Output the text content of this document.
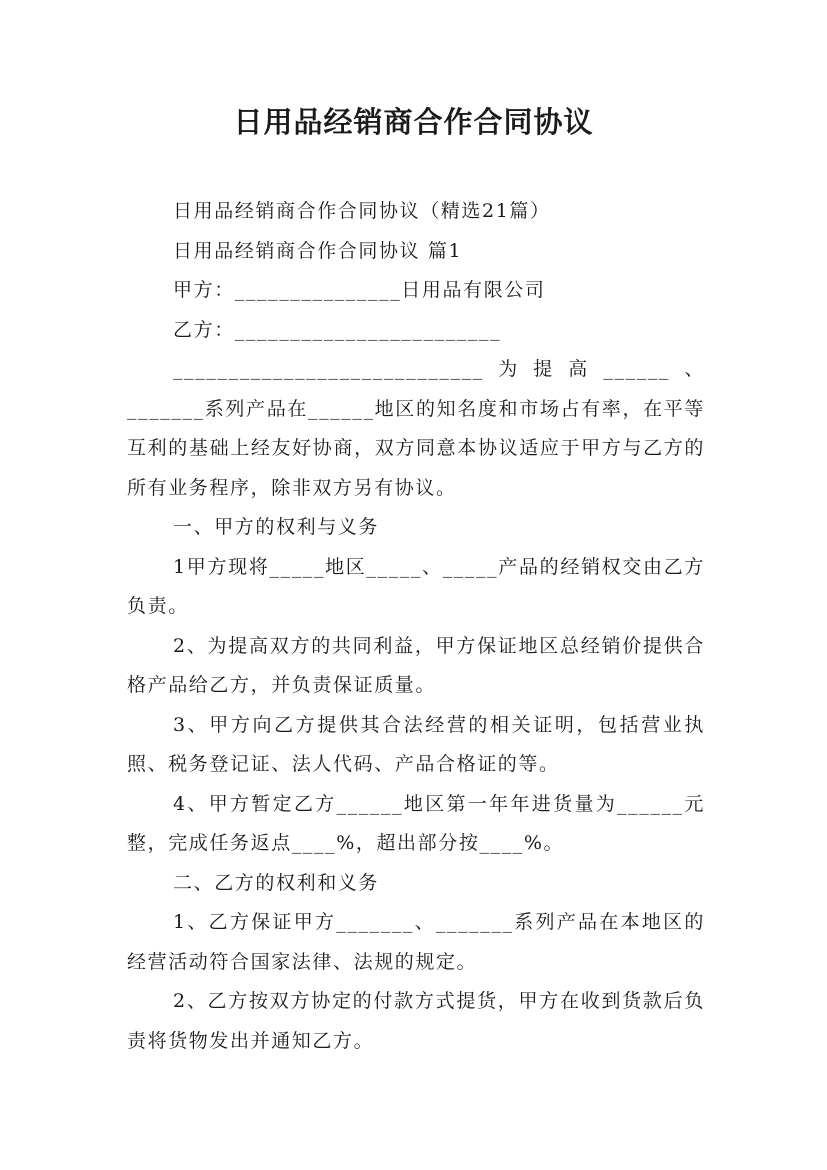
日用品经销商合作合同协议

日用品经销商合作合同协议（精选21篇）

日用品经销商合作合同协议 篇1

甲方：_______________日用品有限公司

乙方：________________________

____________________________为提高______、_______系列产品在______地区的知名度和市场占有率，在平等互利的基础上经友好协商，双方同意本协议适应于甲方与乙方的所有业务程序，除非双方另有协议。

一、甲方的权利与义务

1甲方现将_____地区_____、_____产品的经销权交由乙方负责。

2、为提高双方的共同利益，甲方保证地区总经销价提供合格产品给乙方，并负责保证质量。

3、甲方向乙方提供其合法经营的相关证明，包括营业执照、税务登记证、法人代码、产品合格证的等。

4、甲方暂定乙方______地区第一年年进货量为______元整，完成任务返点____%，超出部分按____%。

二、乙方的权利和义务

1、乙方保证甲方_______、_______系列产品在本地区的经营活动符合国家法律、法规的规定。

2、乙方按双方协定的付款方式提货，甲方在收到货款后负责将货物发出并通知乙方。
